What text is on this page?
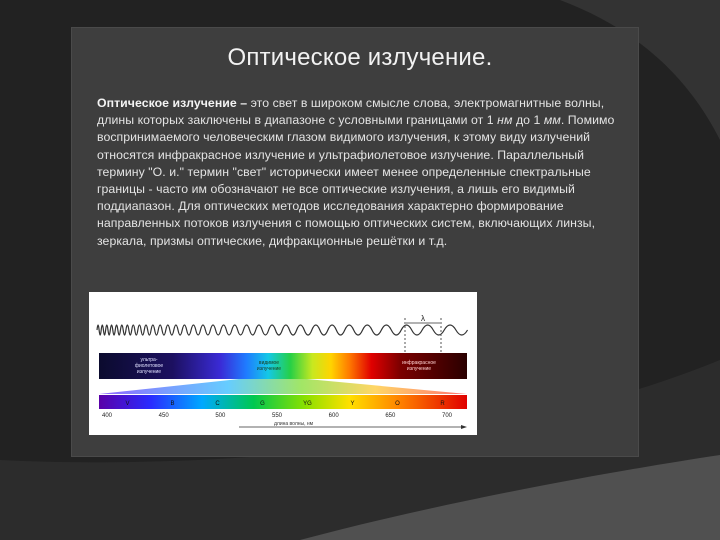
Оптическое излучение.
Оптическое излучение – это свет в широком смысле слова, электромагнитные волны, длины которых заключены в диапазоне с условными границами от 1 нм до 1 мм. Помимо воспринимаемого человеческим глазом видимого излучения, к этому виду излучений относятся инфракрасное излучение и ультрафиолетовое излучение. Параллельный термину "О. и." термин "свет" исторически имеет менее определенные спектральные границы - часто им обозначают не все оптические излучения, а лишь его видимый поддиапазон. Для оптических методов исследования характерно формирование направленных потоков излучения с помощью оптических систем, включающих линзы, зеркала, призмы оптические, дифракционные решётки и т.д.
λ
ультра-
фиолетовое
излучение
видимое
излучение
инфракрасное
излучение
V	B	C	G	YG	Y	O	R
400	450	500	550	600	650	700
длина волны, нм
